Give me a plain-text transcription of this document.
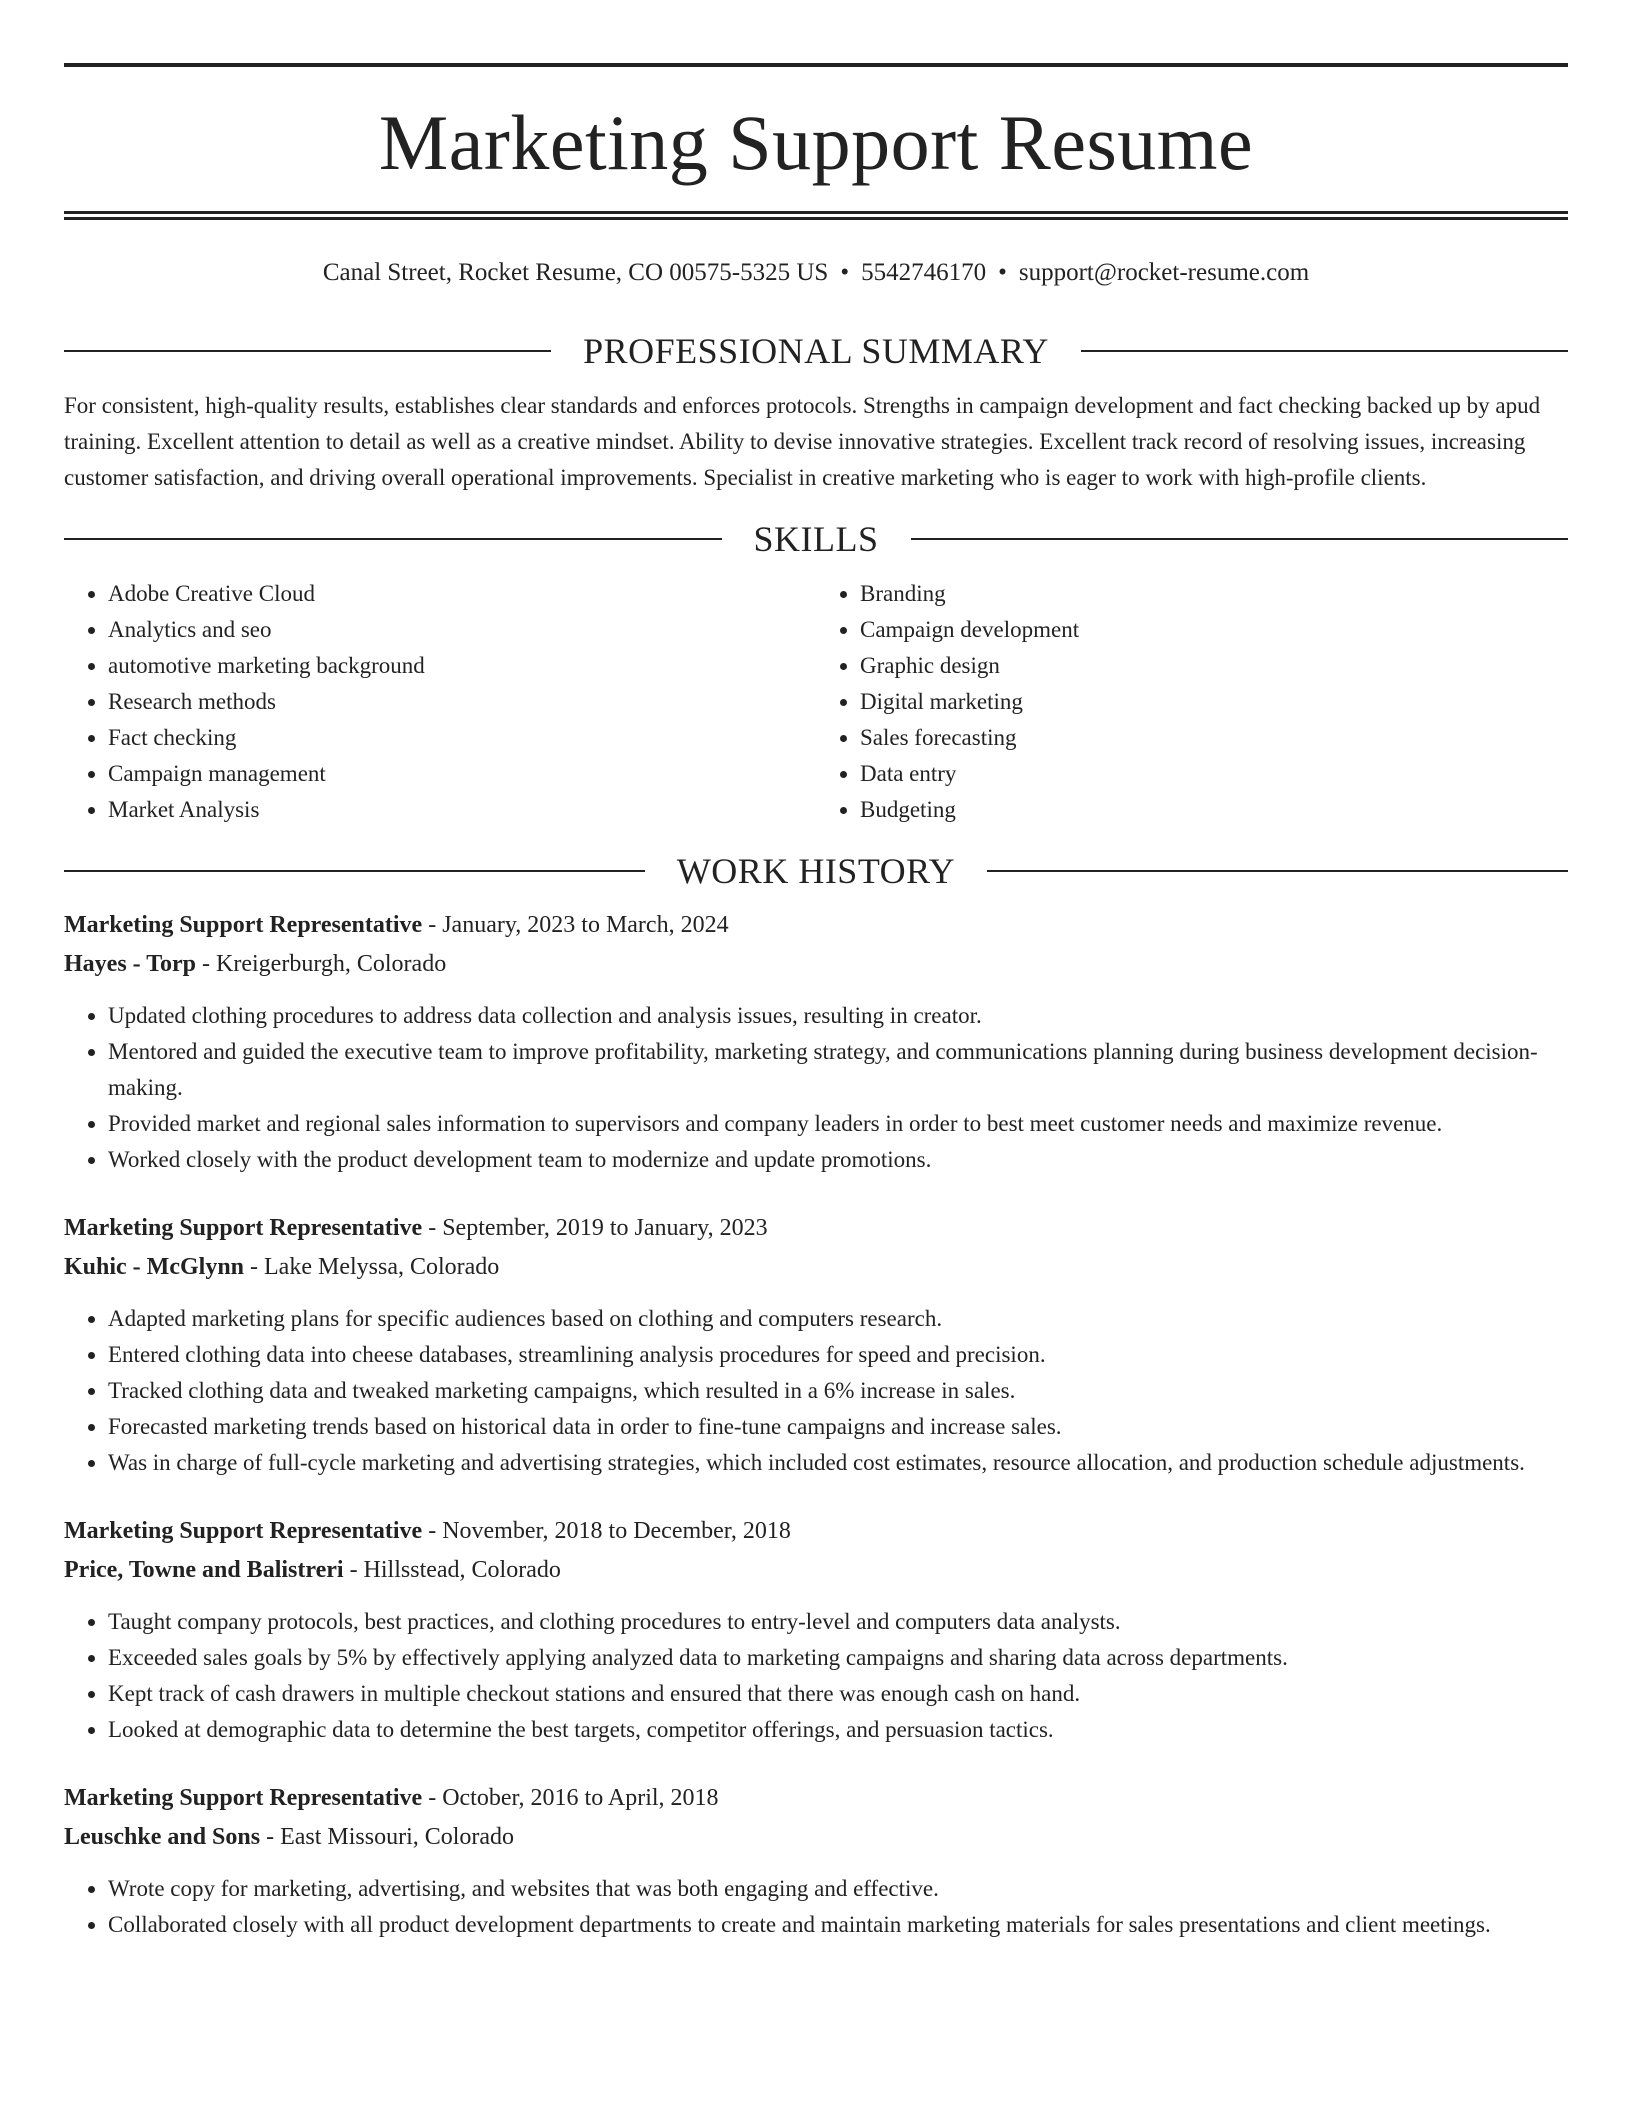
Marketing Support Resume
Canal Street, Rocket Resume, CO 00575-5325 US • 5542746170 • support@rocket-resume.com
PROFESSIONAL SUMMARY

For consistent, high-quality results, establishes clear standards and enforces protocols. Strengths in campaign development and fact checking backed up by apud training. Excellent attention to detail as well as a creative mindset. Ability to devise innovative strategies. Excellent track record of resolving issues, increasing customer satisfaction, and driving overall operational improvements. Specialist in creative marketing who is eager to work with high-profile clients.

SKILLS
• Adobe Creative Cloud
• Analytics and seo
• automotive marketing background
• Research methods
• Fact checking
• Campaign management
• Market Analysis
• Branding
• Campaign development
• Graphic design
• Digital marketing
• Sales forecasting
• Data entry
• Budgeting
WORK HISTORY
Marketing Support Representative - January, 2023 to March, 2024
Hayes - Torp - Kreigerburgh, Colorado
• Updated clothing procedures to address data collection and analysis issues, resulting in creator.
• Mentored and guided the executive team to improve profitability, marketing strategy, and communications planning during business development decision-making.
• Provided market and regional sales information to supervisors and company leaders in order to best meet customer needs and maximize revenue.
• Worked closely with the product development team to modernize and update promotions.
Marketing Support Representative - September, 2019 to January, 2023
Kuhic - McGlynn - Lake Melyssa, Colorado
• Adapted marketing plans for specific audiences based on clothing and computers research.
• Entered clothing data into cheese databases, streamlining analysis procedures for speed and precision.
• Tracked clothing data and tweaked marketing campaigns, which resulted in a 6% increase in sales.
• Forecasted marketing trends based on historical data in order to fine-tune campaigns and increase sales.
• Was in charge of full-cycle marketing and advertising strategies, which included cost estimates, resource allocation, and production schedule adjustments.
Marketing Support Representative - November, 2018 to December, 2018
Price, Towne and Balistreri - Hillsstead, Colorado
• Taught company protocols, best practices, and clothing procedures to entry-level and computers data analysts.
• Exceeded sales goals by 5% by effectively applying analyzed data to marketing campaigns and sharing data across departments.
• Kept track of cash drawers in multiple checkout stations and ensured that there was enough cash on hand.
• Looked at demographic data to determine the best targets, competitor offerings, and persuasion tactics.
Marketing Support Representative - October, 2016 to April, 2018
Leuschke and Sons - East Missouri, Colorado
• Wrote copy for marketing, advertising, and websites that was both engaging and effective.
• Collaborated closely with all product development departments to create and maintain marketing materials for sales presentations and client meetings.
